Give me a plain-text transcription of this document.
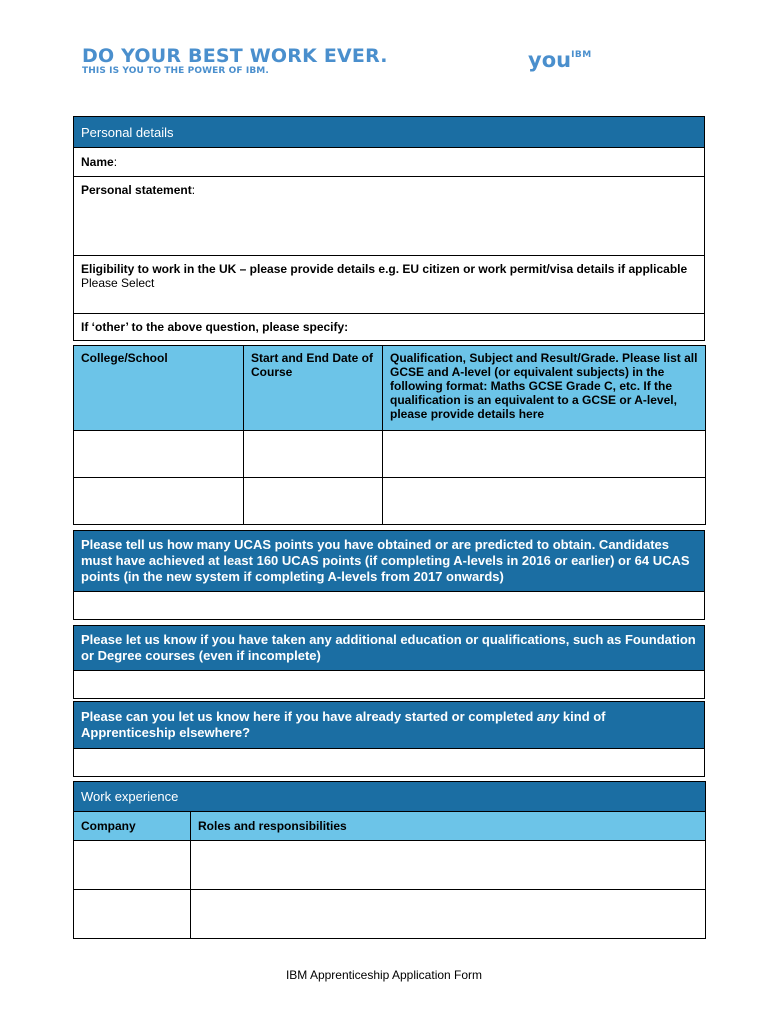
DO YOUR BEST WORK EVER.
THIS IS YOU TO THE POWER OF IBM.	you$^{IBM}$
Personal details
Name:
Personal statement:
Eligibility to work in the UK – please provide details e.g. EU citizen or work permit/visa details if applicable
Please Select
If ‘other’ to the above question, please specify:
College/School	Start and End Date of Course	Qualification, Subject and Result/Grade. Please list all GCSE and A-level (or equivalent subjects) in the following format: Maths GCSE Grade C, etc. If the qualification is an equivalent to a GCSE or A-level, please provide details here

Please tell us how many UCAS points you have obtained or are predicted to obtain. Candidates must have achieved at least 160 UCAS points (if completing A-levels in 2016 or earlier) or 64 UCAS points (in the new system if completing A-levels from 2017 onwards)
Please let us know if you have taken any additional education or qualifications, such as Foundation or Degree courses (even if incomplete)
Please can you let us know here if you have already started or completed any kind of Apprenticeship elsewhere?
Work experience	
Company	Roles and responsibilities

IBM Apprenticeship Application Form
